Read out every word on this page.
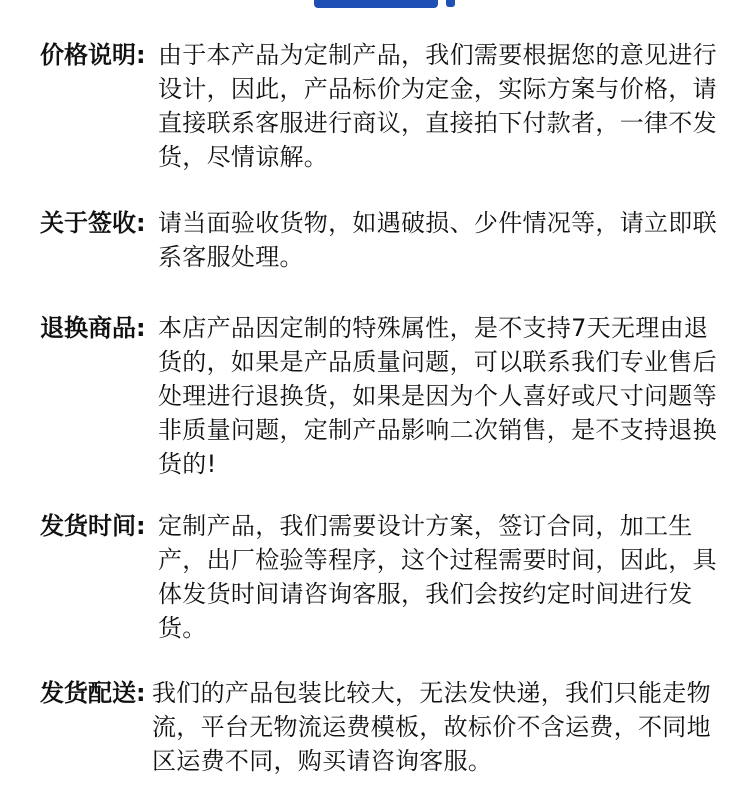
价格说明: 由于本产品为定制产品，我们需要根据您的意见进行设计，因此，产品标价为定金，实际方案与价格，请直接联系客服进行商议，直接拍下付款者，一律不发货，尽情谅解。
关于签收: 请当面验收货物，如遇破损、少件情况等，请立即联系客服处理。
退换商品: 本店产品因定制的特殊属性，是不支持7天无理由退货的，如果是产品质量问题，可以联系我们专业售后处理进行退换货，如果是因为个人喜好或尺寸问题等非质量问题，定制产品影响二次销售，是不支持退换货的!
发货时间: 定制产品，我们需要设计方案，签订合同，加工生产，出厂检验等程序，这个过程需要时间，因此，具体发货时间请咨询客服，我们会按约定时间进行发货。
发货配送: 我们的产品包装比较大，无法发快递，我们只能走物流，平台无物流运费模板，故标价不含运费，不同地区运费不同，购买请咨询客服。
